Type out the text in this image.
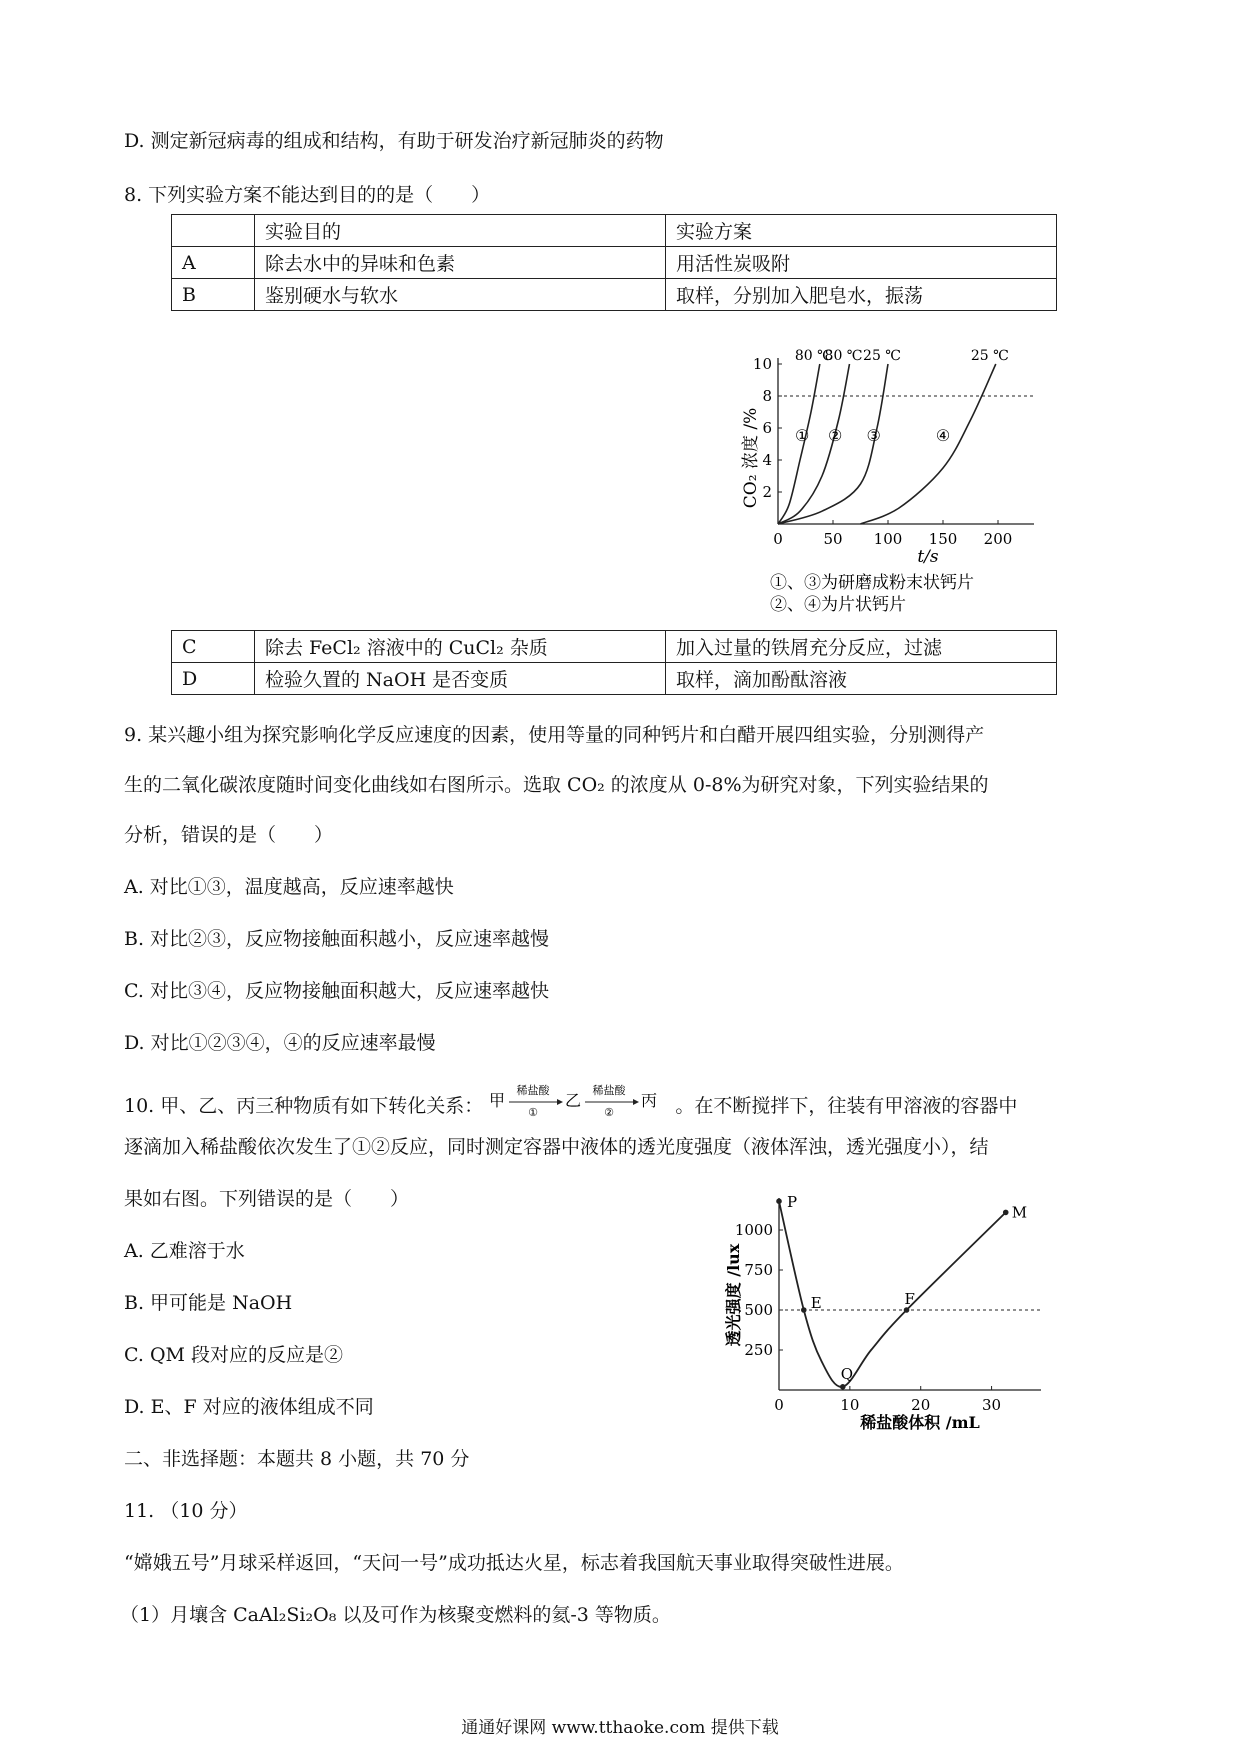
D. 测定新冠病毒的组成和结构，有助于研发治疗新冠肺炎的药物
8. 下列实验方案不能达到目的的是（　　）
	实验目的	实验方案
A	除去水中的异味和色素	用活性炭吸附
B	鉴别硬水与软水	取样，分别加入肥皂水，振荡
80 ℃
①
80 ℃
②
25 ℃
③
25 ℃
④
10
8
6
4
2
0	50 100 150 200
CO₂ 浓度 /%
t/s
①、③为研磨成粉末状钙片
②、④为片状钙片
C	除去 FeCl₂ 溶液中的 CuCl₂ 杂质	加入过量的铁屑充分反应，过滤
D	检验久置的 NaOH 是否变质	取样，滴加酚酞溶液
9. 某兴趣小组为探究影响化学反应速度的因素，使用等量的同种钙片和白醋开展四组实验，分别测得产
生的二氧化碳浓度随时间变化曲线如右图所示。选取 CO₂ 的浓度从 0-8%为研究对象，下列实验结果的
分析，错误的是（　　）
A. 对比①③，温度越高，反应速率越快
B. 对比②③，反应物接触面积越小，反应速率越慢
C. 对比③④，反应物接触面积越大，反应速率越快
D. 对比①②③④，④的反应速率最慢
10. 甲、乙、丙三种物质有如下转化关系： 甲
稀盐酸
①
乙
稀盐酸
②
丙 。在不断搅拌下，往装有甲溶液的容器中
逐滴加入稀盐酸依次发生了①②反应，同时测定容器中液体的透光度强度（液体浑浊，透光强度小），结
果如右图。下列错误的是（　　）
A. 乙难溶于水
B. 甲可能是 NaOH
C. QM 段对应的反应是②
D. E、F 对应的液体组成不同
P
E
Q
F
M
1000
750
500
250
0	10	20	30
透光强度 /lux
稀盐酸体积 /mL
二、非选择题：本题共 8 小题，共 70 分
11. （10 分）
“嫦娥五号”月球采样返回，“天问一号”成功抵达火星，标志着我国航天事业取得突破性进展。
（1）月壤含 CaAl₂Si₂O₈ 以及可作为核聚变燃料的氦-3 等物质。
通通好课网 www.tthaoke.com 提供下载
